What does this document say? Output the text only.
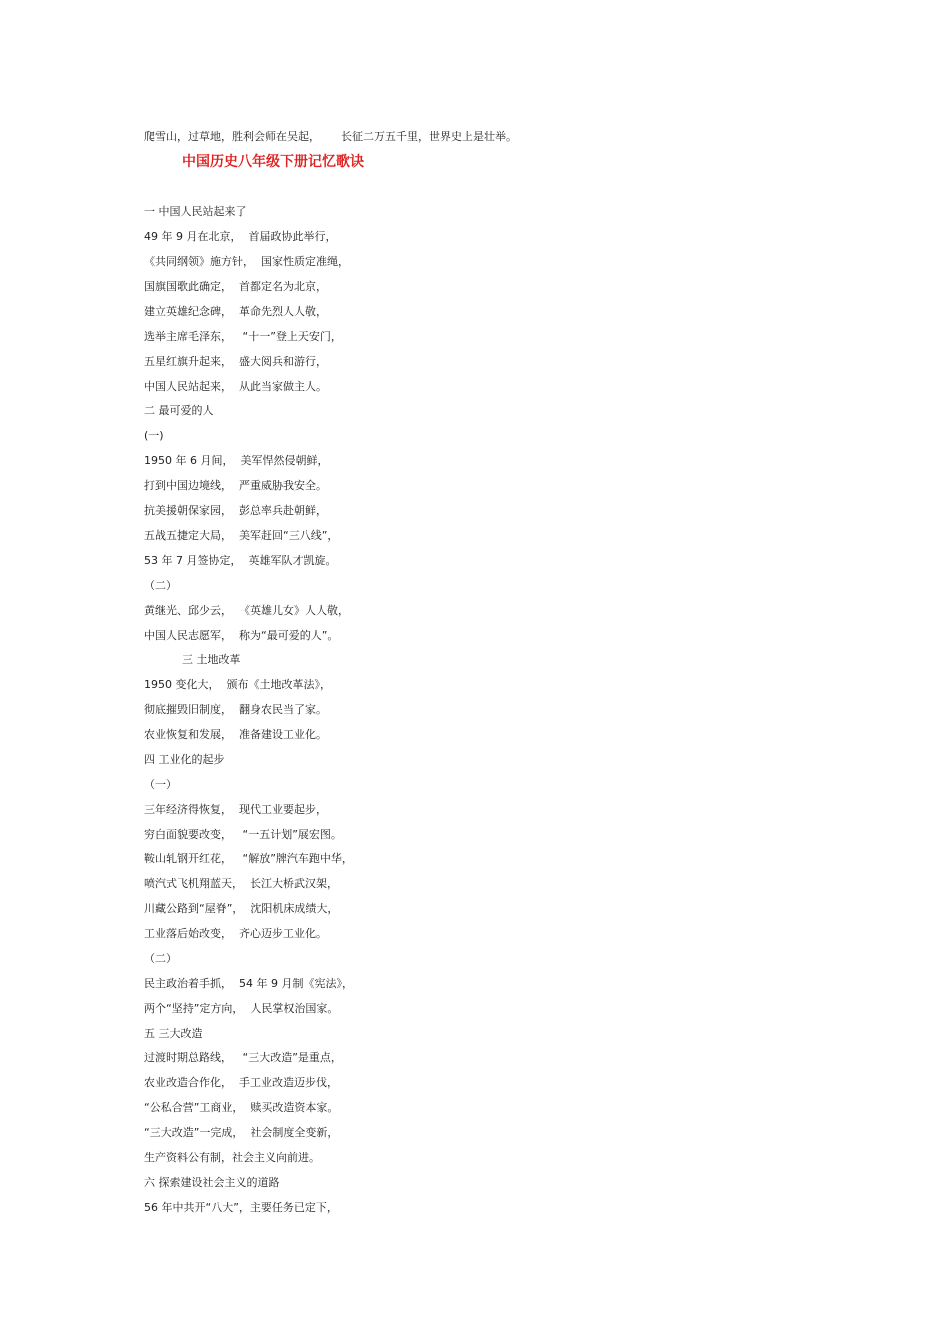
爬雪山，过草地，胜利会师在吴起，      长征二万五千里，世界史上是壮举。
中国历史八年级下册记忆歌诀
一 中国人民站起来了
49 年 9 月在北京，  首届政协此举行，
《共同纲领》施方针，  国家性质定准绳，
国旗国歌此确定，  首都定名为北京，
建立英雄纪念碑，  革命先烈人人敬，
选举主席毛泽东，   “十一”登上天安门，
五星红旗升起来，  盛大阅兵和游行，
中国人民站起来，  从此当家做主人。
二 最可爱的人
(一)
1950 年 6 月间，  美军悍然侵朝鲜，
打到中国边境线，  严重威胁我安全。
抗美援朝保家园，  彭总率兵赴朝鲜，
五战五捷定大局，  美军赶回“三八线”，
53 年 7 月签协定，  英雄军队才凯旋。
（二）
黄继光、邱少云，  《英雄儿女》人人敬，
中国人民志愿军，  称为“最可爱的人”。
三 土地改革
1950 变化大，  颁布《土地改革法》，
彻底摧毁旧制度，  翻身农民当了家。
农业恢复和发展，  准备建设工业化。
四 工业化的起步
（一）
三年经济得恢复，  现代工业要起步，
穷白面貌要改变，   “一五计划”展宏图。
鞍山轧钢开红花，   “解放”牌汽车跑中华，
喷汽式飞机翔蓝天，  长江大桥武汉架，
川藏公路到“屋脊”，  沈阳机床成绩大，
工业落后始改变，  齐心迈步工业化。
（二）
民主政治着手抓，  54 年 9 月制《宪法》，
两个“坚持”定方向，  人民掌权治国家。
五 三大改造
过渡时期总路线，   “三大改造”是重点，
农业改造合作化，  手工业改造迈步伐，
“公私合营”工商业，  赎买改造资本家。
“三大改造”一完成，  社会制度全变新，
生产资料公有制，社会主义向前进。
六 探索建设社会主义的道路
56 年中共开“八大”，主要任务已定下，
